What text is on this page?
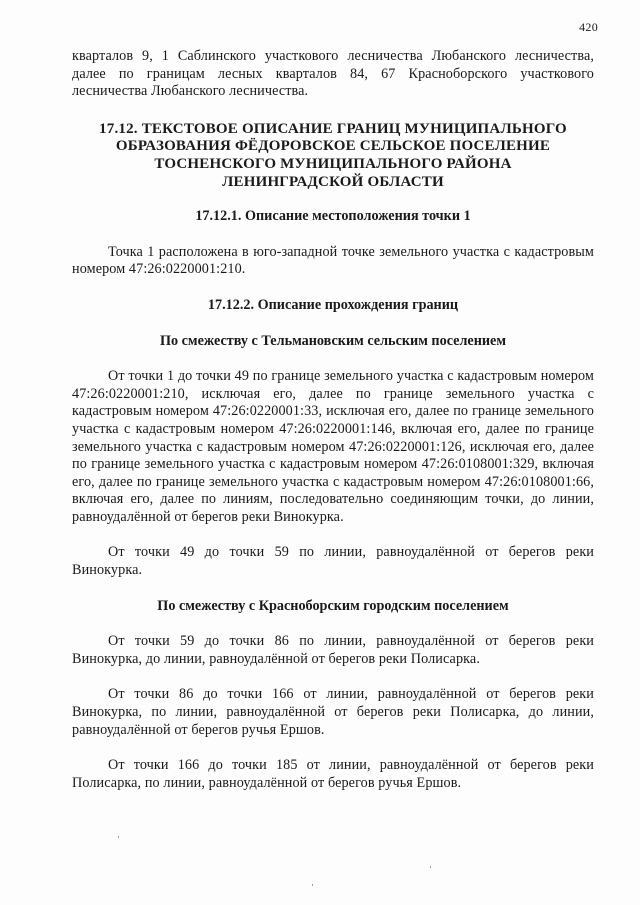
420

кварталов 9, 1 Саблинского участкового лесничества Любанского лесничества, далее по границам лесных кварталов 84, 67 Красноборского участкового лесничества Любанского лесничества.

17.12. ТЕКСТОВОЕ ОПИСАНИЕ ГРАНИЦ МУНИЦИПАЛЬНОГО ОБРАЗОВАНИЯ ФЁДОРОВСКОЕ СЕЛЬСКОЕ ПОСЕЛЕНИЕ ТОСНЕНСКОГО МУНИЦИПАЛЬНОГО РАЙОНА ЛЕНИНГРАДСКОЙ ОБЛАСТИ
17.12.1. Описание местоположения точки 1

Точка 1 расположена в юго-западной точке земельного участка с кадастровым номером 47:26:0220001:210.

17.12.2. Описание прохождения границ
По смежеству с Тельмановским сельским поселением

От точки 1 до точки 49 по границе земельного участка с кадастровым номером 47:26:0220001:210, исключая его, далее по границе земельного участка с кадастровым номером 47:26:0220001:33, исключая его, далее по границе земельного участка с кадастровым номером 47:26:0220001:146, включая его, далее по границе земельного участка с кадастровым номером 47:26:0220001:126, исключая его, далее по границе земельного участка с кадастровым номером 47:26:0108001:329, включая его, далее по границе земельного участка с кадастровым номером 47:26:0108001:66, включая его, далее по линиям, последовательно соединяющим точки, до линии, равноудалённой от берегов реки Винокурка.

От точки 49 до точки 59 по линии, равноудалённой от берегов реки Винокурка.

По смежеству с Красноборским городским поселением

От точки 59 до точки 86 по линии, равноудалённой от берегов реки Винокурка, до линии, равноудалённой от берегов реки Полисарка.

От точки 86 до точки 166 от линии, равноудалённой от берегов реки Винокурка, по линии, равноудалённой от берегов реки Полисарка, до линии, равноудалённой от берегов ручья Ершов.

От точки 166 до точки 185 от линии, равноудалённой от берегов реки Полисарка, по линии, равноудалённой от берегов ручья Ершов.
